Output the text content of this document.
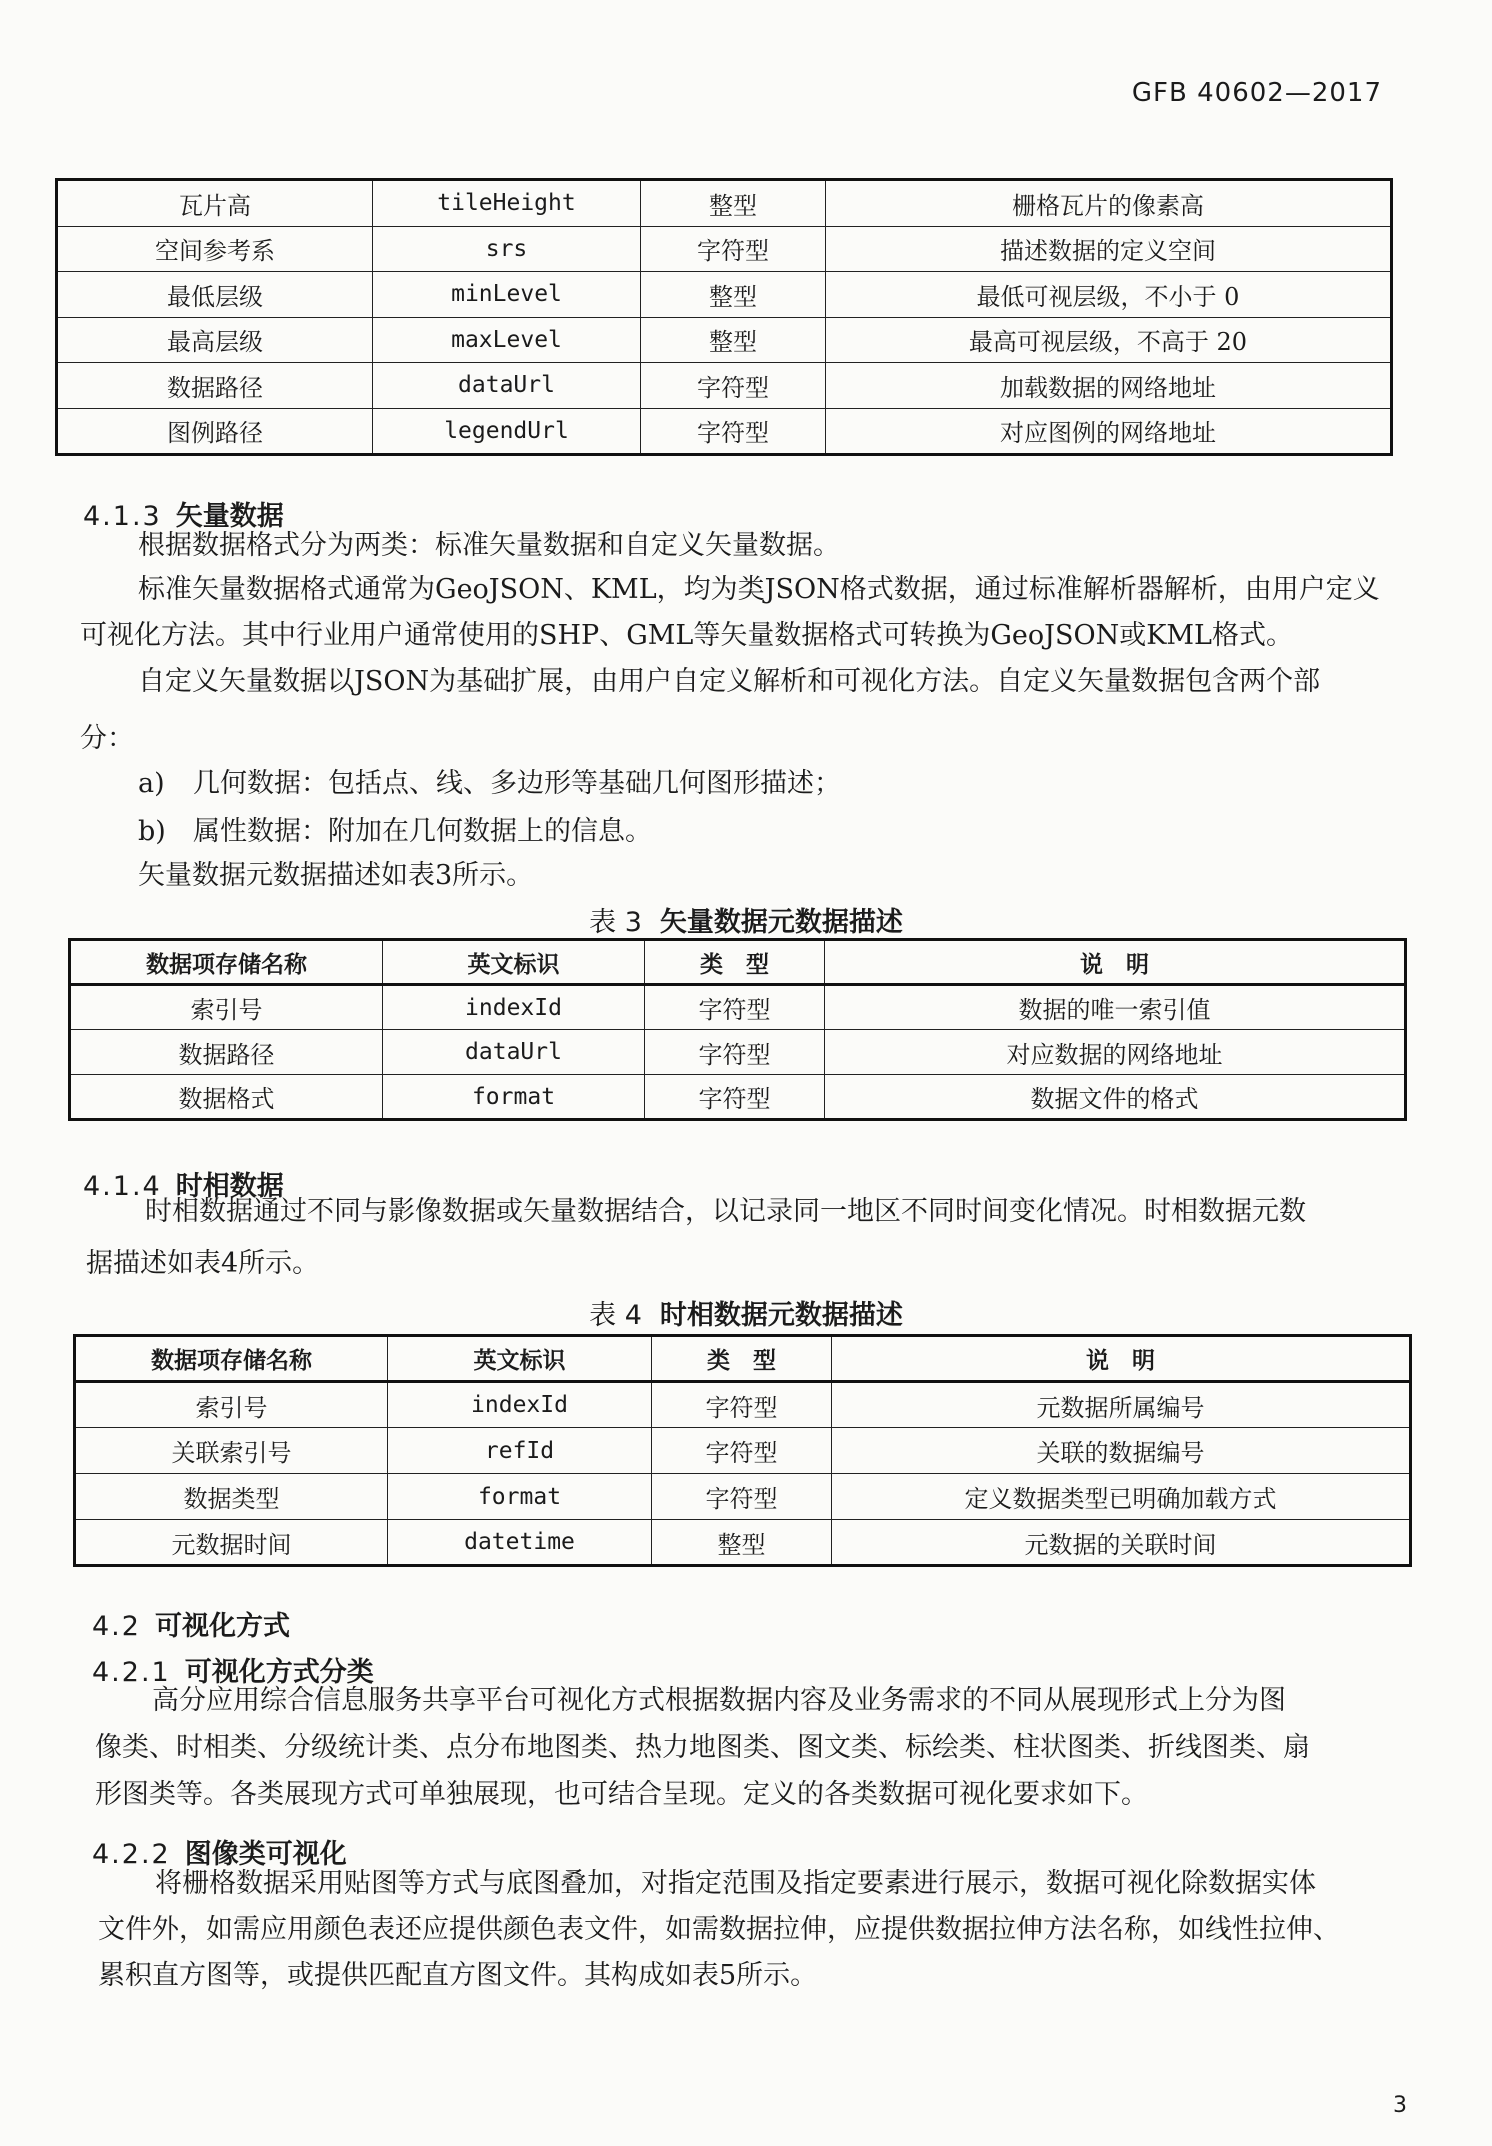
GFB 40602—2017
瓦片高	tileHeight	整型	栅格瓦片的像素高
空间参考系	srs	字符型	描述数据的定义空间
最低层级	minLevel	整型	最低可视层级，不小于 0
最高层级	maxLevel	整型	最高可视层级，不高于 20
数据路径	dataUrl	字符型	加载数据的网络地址
图例路径	legendUrl	字符型	对应图例的网络地址
4.1.3 矢量数据
根据数据格式分为两类：标准矢量数据和自定义矢量数据。
标准矢量数据格式通常为GeoJSON、KML，均为类JSON格式数据，通过标准解析器解析，由用户定义
可视化方法。其中行业用户通常使用的SHP、GML等矢量数据格式可转换为GeoJSON或KML格式。
自定义矢量数据以JSON为基础扩展，由用户自定义解析和可视化方法。自定义矢量数据包含两个部
分：
a) 几何数据：包括点、线、多边形等基础几何图形描述；
b) 属性数据：附加在几何数据上的信息。
矢量数据元数据描述如表3所示。
表 3 矢量数据元数据描述
数据项存储名称	英文标识	类　型	说　明
索引号	indexId	字符型	数据的唯一索引值
数据路径	dataUrl	字符型	对应数据的网络地址
数据格式	format	字符型	数据文件的格式
4.1.4 时相数据
时相数据通过不同与影像数据或矢量数据结合，以记录同一地区不同时间变化情况。时相数据元数
据描述如表4所示。
表 4 时相数据元数据描述
数据项存储名称	英文标识	类　型	说　明
索引号	indexId	字符型	元数据所属编号
关联索引号	refId	字符型	关联的数据编号
数据类型	format	字符型	定义数据类型已明确加载方式
元数据时间	datetime	整型	元数据的关联时间
4.2 可视化方式
4.2.1 可视化方式分类
高分应用综合信息服务共享平台可视化方式根据数据内容及业务需求的不同从展现形式上分为图
像类、时相类、分级统计类、点分布地图类、热力地图类、图文类、标绘类、柱状图类、折线图类、扇
形图类等。各类展现方式可单独展现，也可结合呈现。定义的各类数据可视化要求如下。
4.2.2 图像类可视化
将栅格数据采用贴图等方式与底图叠加，对指定范围及指定要素进行展示，数据可视化除数据实体
文件外，如需应用颜色表还应提供颜色表文件，如需数据拉伸，应提供数据拉伸方法名称，如线性拉伸、
累积直方图等，或提供匹配直方图文件。其构成如表5所示。
3
